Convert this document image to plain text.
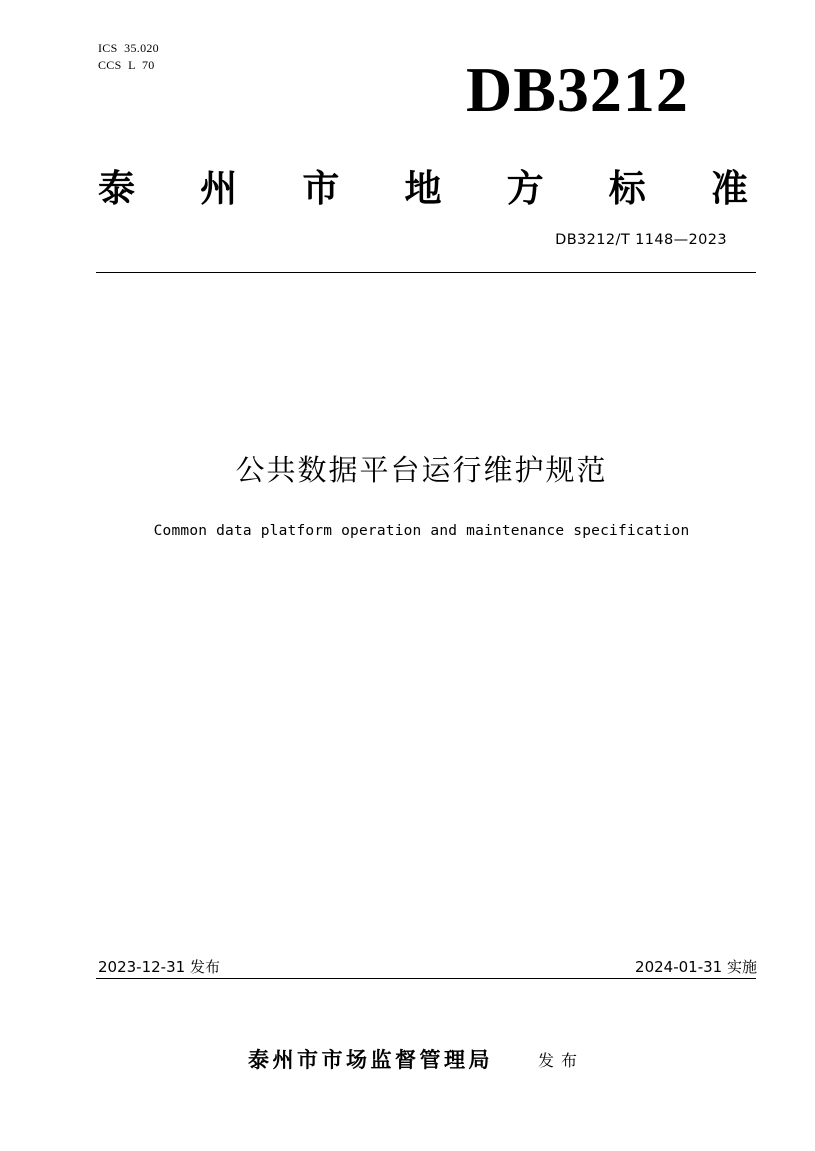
ICS  35.020
CCS  L  70	DB3212
泰 州 市 地 方 标 准
DB3212/T 1148—2023
公共数据平台运行维护规范
Common data platform operation and maintenance specification
2023-12-31 发布	2024-01-31 实施
泰州市市场监督管理局	发布
